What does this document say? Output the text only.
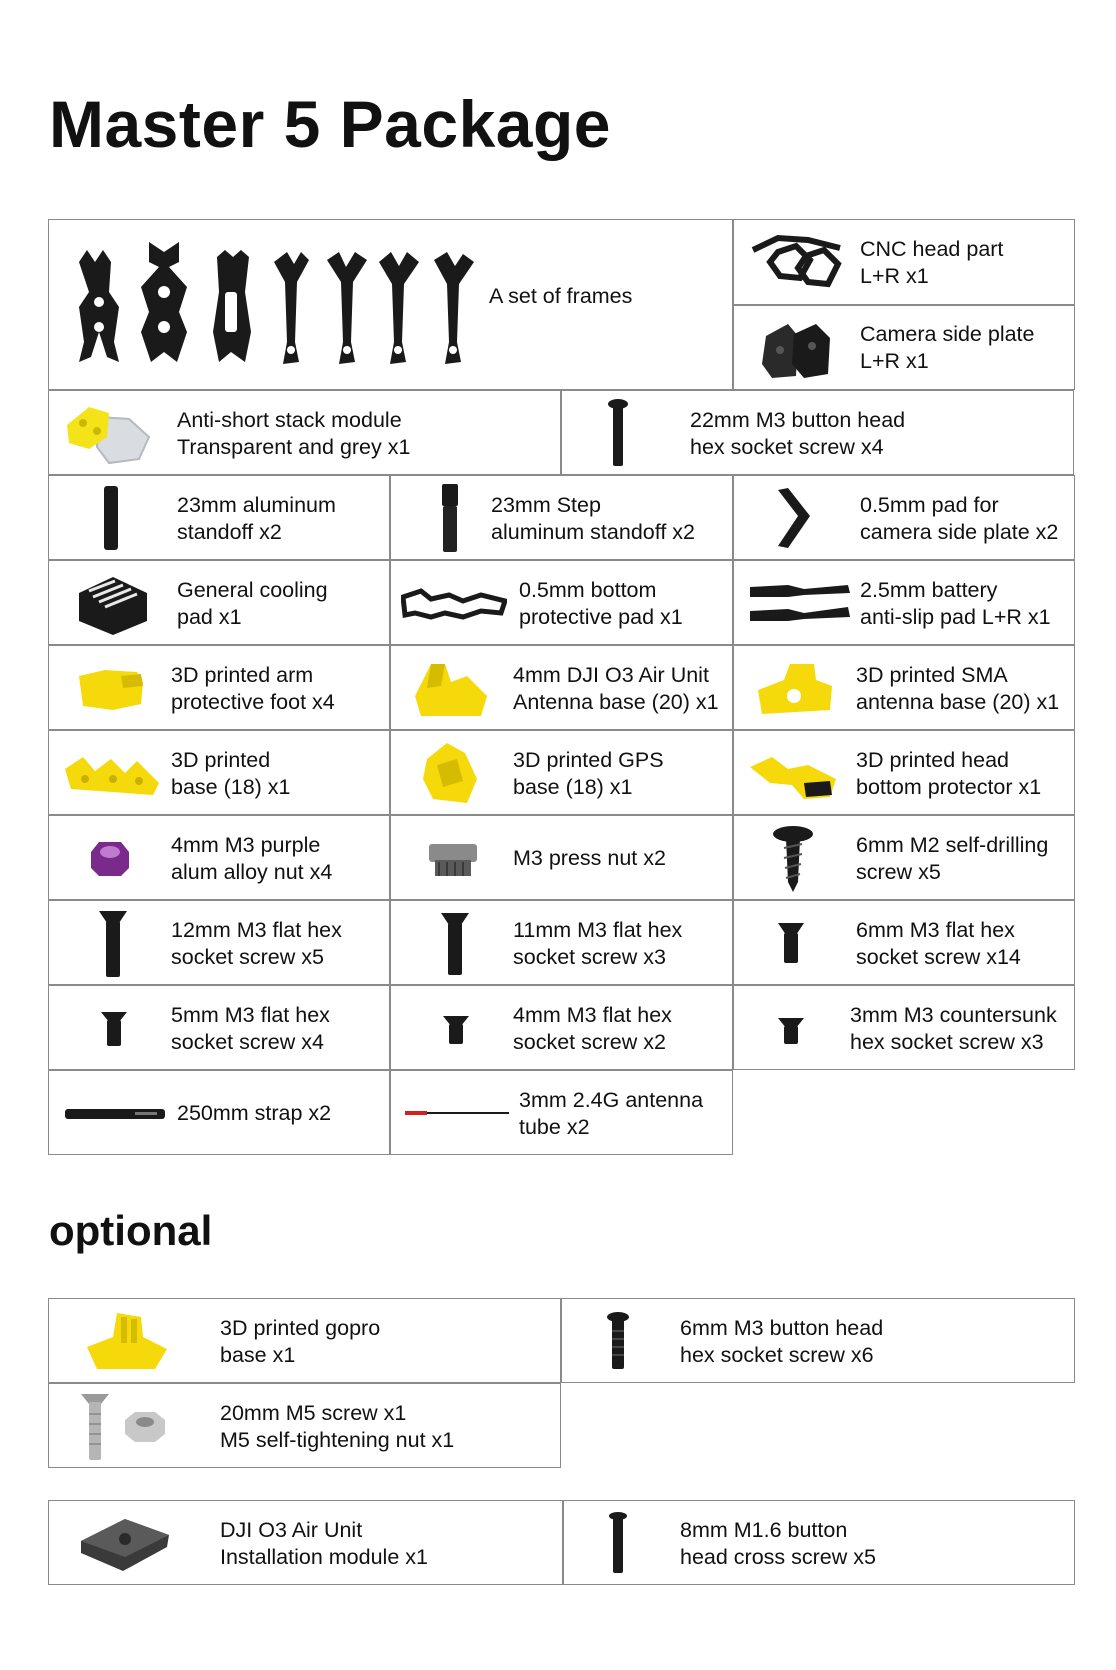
Master 5 Package
A set of frames
CNC head part
L+R x1
Camera side plate
L+R x1
Anti-short stack module
Transparent and grey x1
22mm M3 button head
hex socket screw x4
23mm aluminum
standoff x2
23mm Step
aluminum standoff x2
0.5mm pad for
camera side plate x2
General cooling
pad x1
0.5mm bottom
protective pad x1
2.5mm battery
anti-slip pad L+R x1
3D printed arm
protective foot x4
4mm DJI O3 Air Unit
Antenna base (20) x1
3D printed SMA
antenna base (20) x1
3D printed
base (18) x1
3D printed GPS
base (18) x1
3D printed head
bottom protector x1
4mm M3 purple
alum alloy nut x4
M3 press nut x2
6mm M2 self-drilling
screw x5
12mm M3 flat hex
socket screw x5
11mm M3 flat hex
socket screw x3
6mm M3 flat hex
socket screw x14
5mm M3 flat hex
socket screw x4
4mm M3 flat hex
socket screw x2
3mm M3 countersunk
hex socket screw x3
250mm strap x2
3mm 2.4G antenna
tube x2
optional
3D printed gopro
base x1
6mm M3 button head
hex socket screw x6
20mm M5 screw x1
M5 self-tightening nut x1
DJI O3 Air Unit
Installation module x1
8mm M1.6 button
head cross screw x5
